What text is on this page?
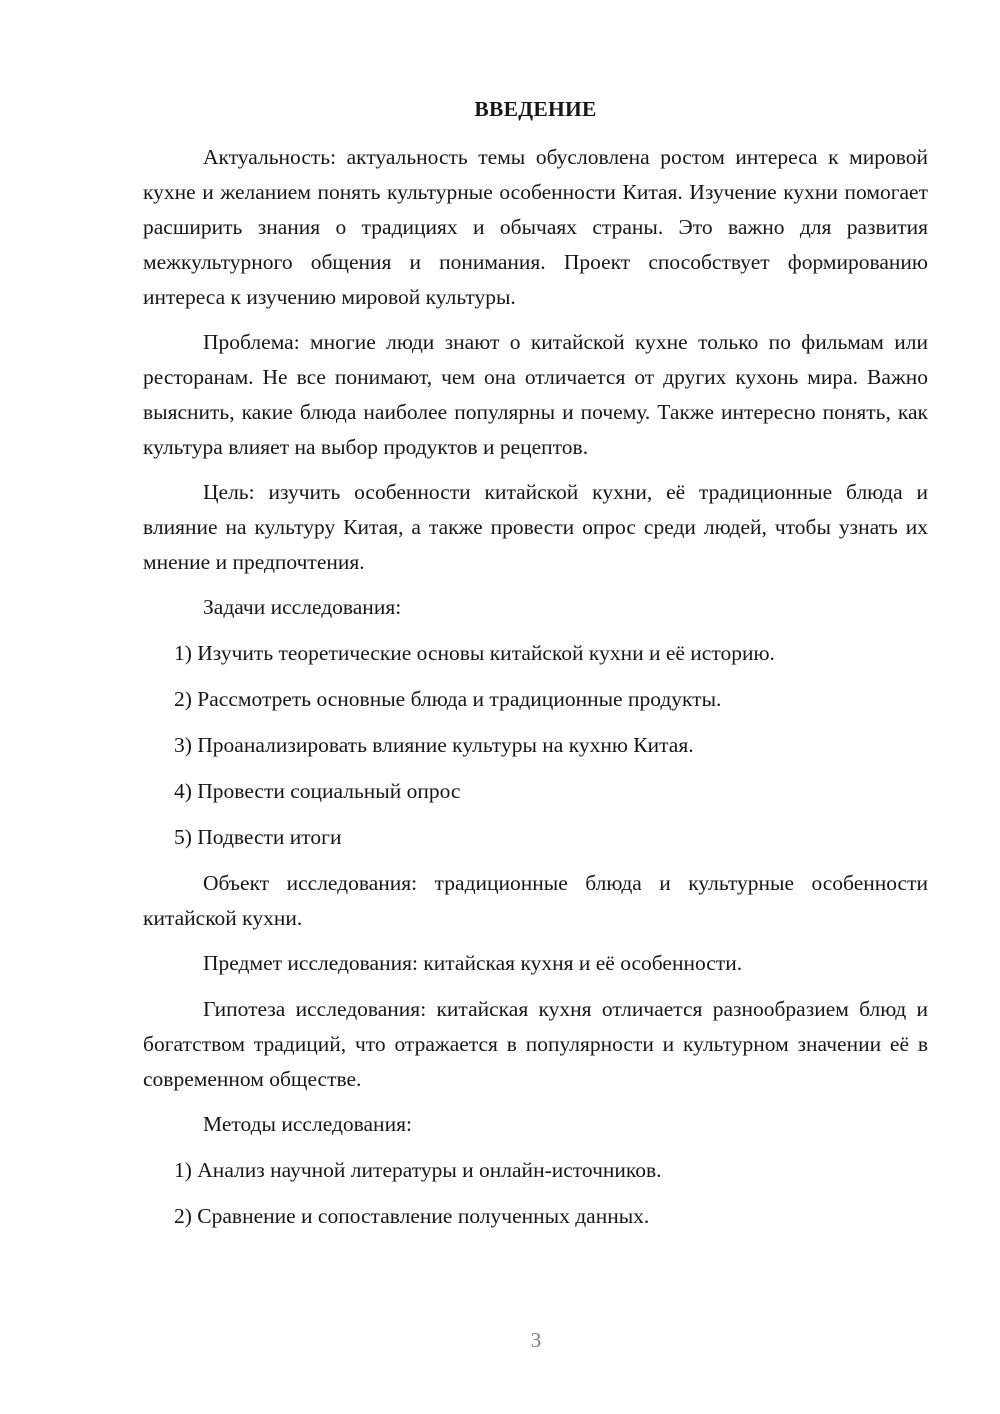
ВВЕДЕНИЕ

Актуальность: актуальность темы обусловлена ростом интереса к мировой кухне и желанием понять культурные особенности Китая. Изучение кухни помогает расширить знания о традициях и обычаях страны. Это важно для развития межкультурного общения и понимания. Проект способствует формированию интереса к изучению мировой культуры.

Проблема: многие люди знают о китайской кухне только по фильмам или ресторанам. Не все понимают, чем она отличается от других кухонь мира. Важно выяснить, какие блюда наиболее популярны и почему. Также интересно понять, как культура влияет на выбор продуктов и рецептов.

Цель: изучить особенности китайской кухни, её традиционные блюда и влияние на культуру Китая, а также провести опрос среди людей, чтобы узнать их мнение и предпочтения.

Задачи исследования:

1) Изучить теоретические основы китайской кухни и её историю.

2) Рассмотреть основные блюда и традиционные продукты.

3) Проанализировать влияние культуры на кухню Китая.

4) Провести социальный опрос

5) Подвести итоги

Объект исследования: традиционные блюда и культурные особенности китайской кухни.

Предмет исследования: китайская кухня и её особенности.

Гипотеза исследования: китайская кухня отличается разнообразием блюд и богатством традиций, что отражается в популярности и культурном значении её в современном обществе.

Методы исследования:

1) Анализ научной литературы и онлайн-источников.

2) Сравнение и сопоставление полученных данных.

3
